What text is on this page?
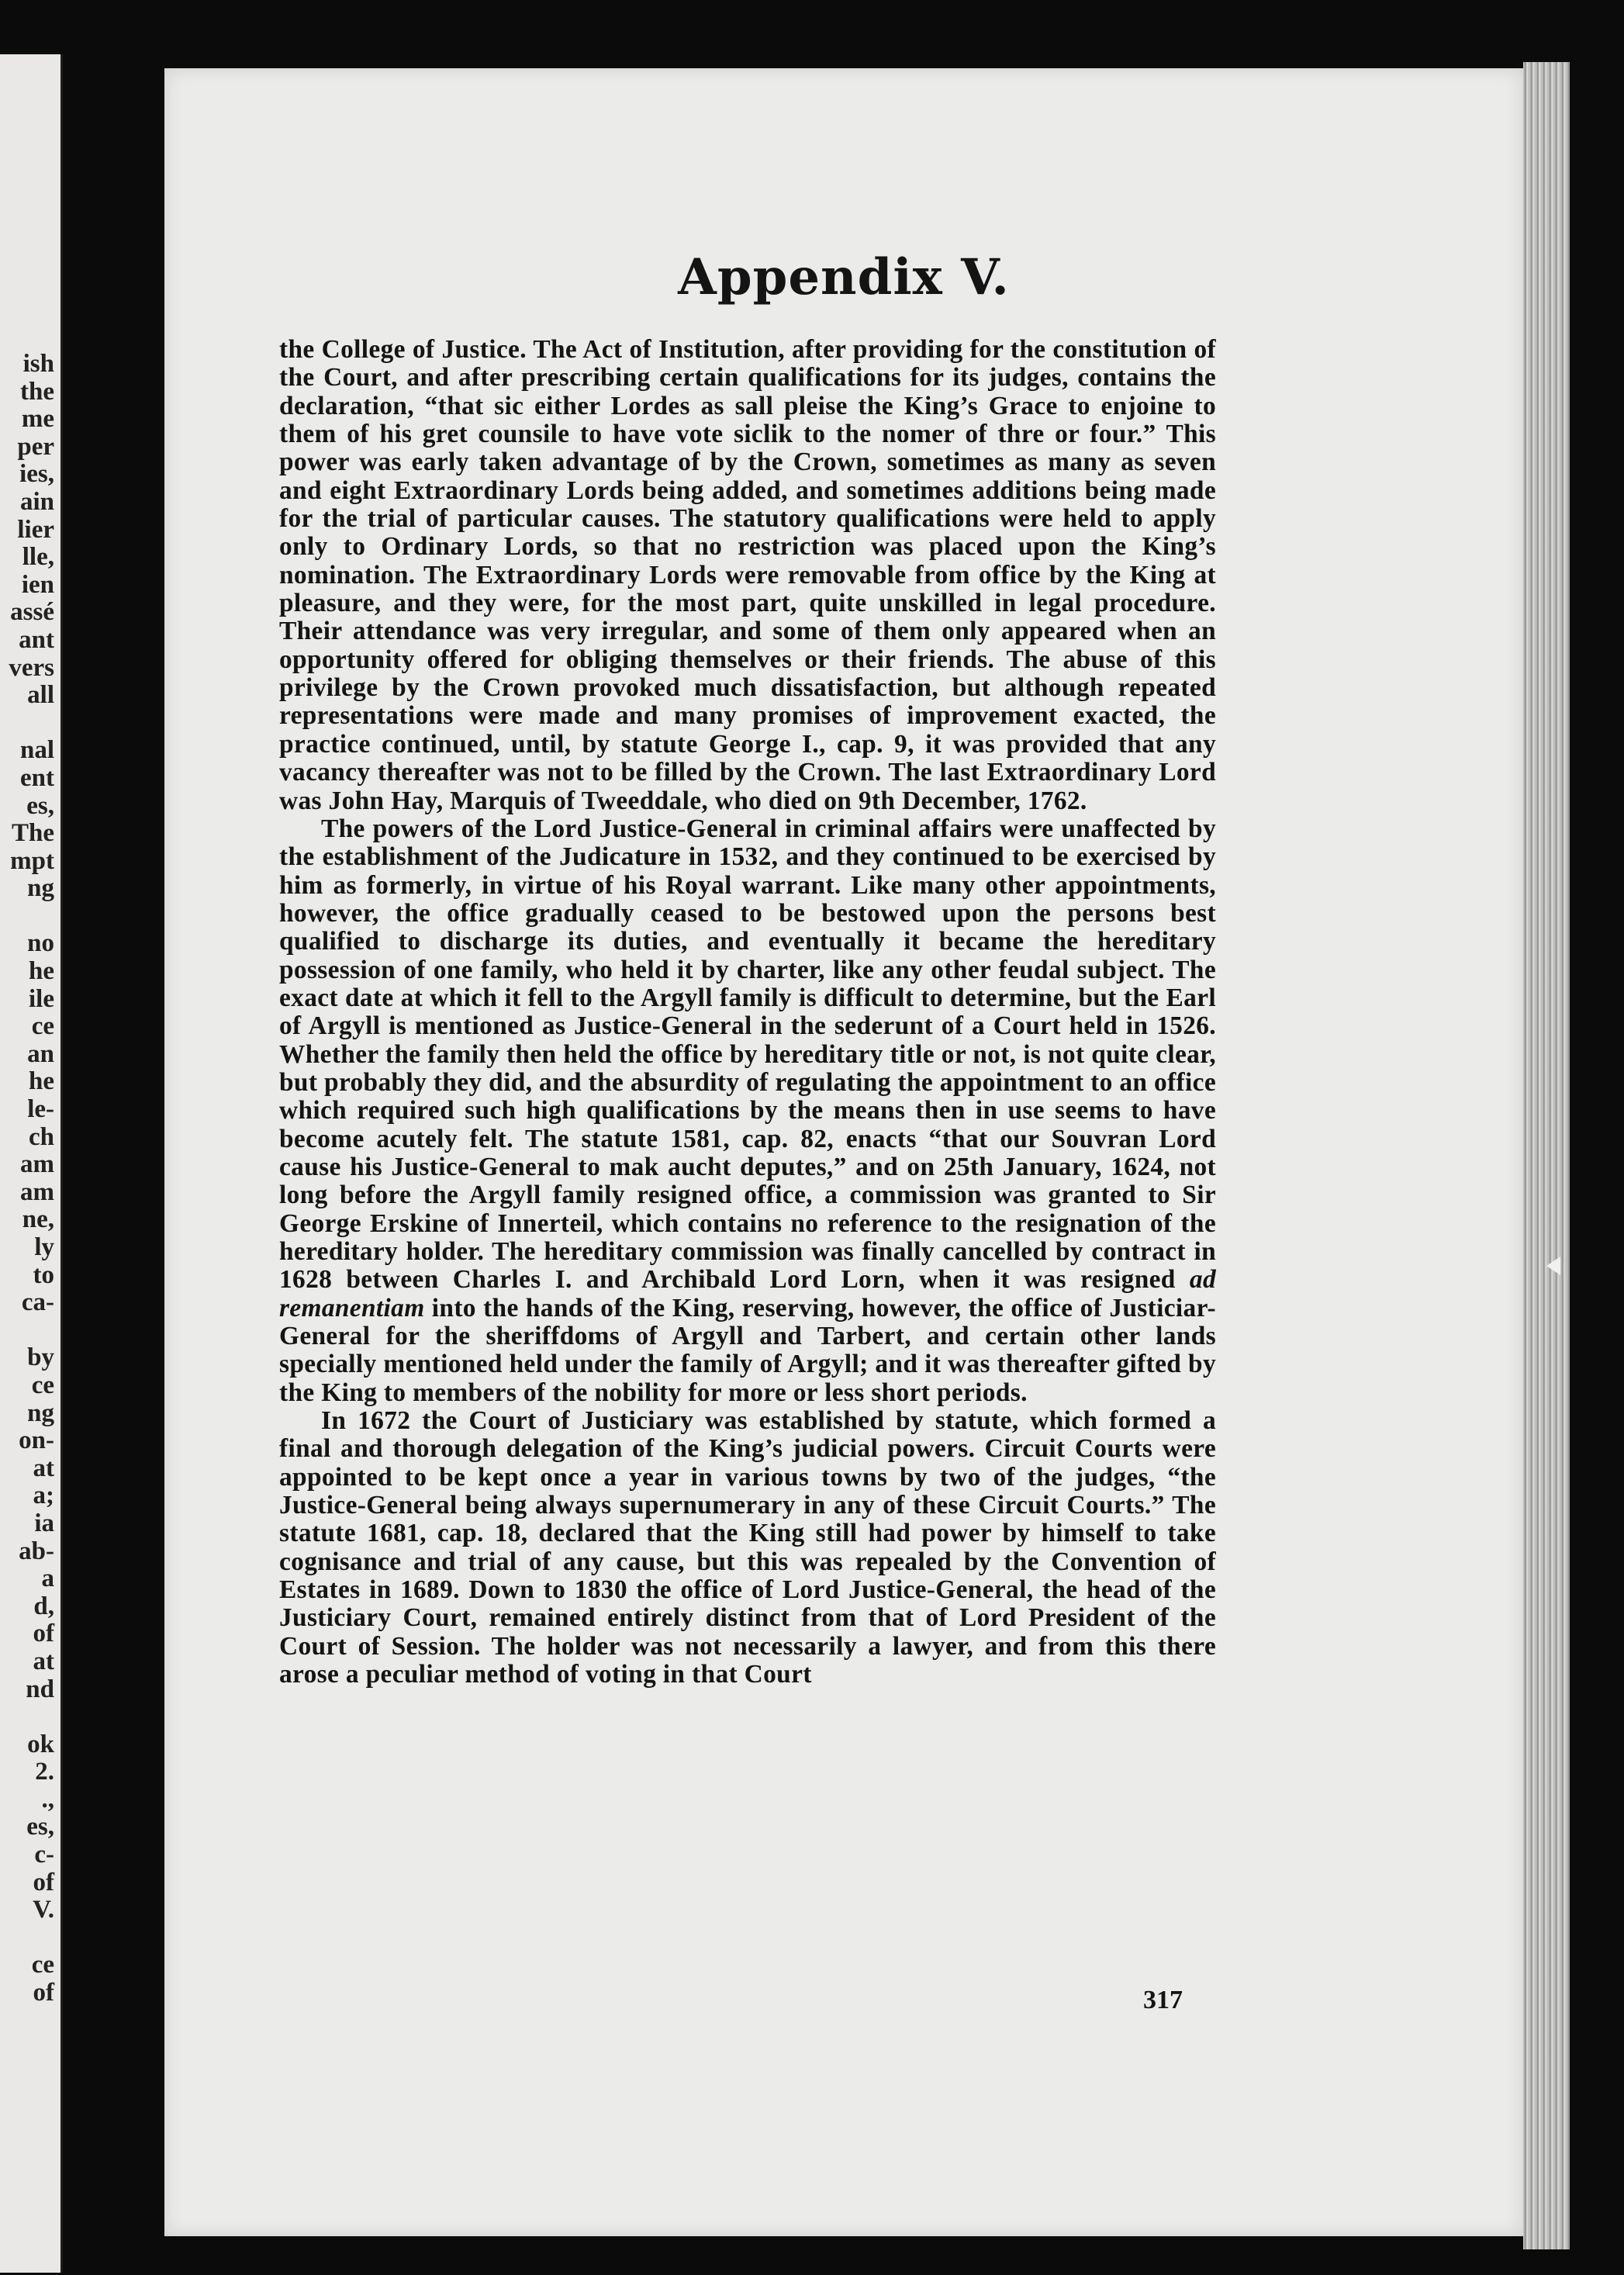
ish
the
me
per
ies,
ain
lier
lle,
ien
assé
ant
vers
all

nal
ent
es,
The
mpt
ng

no
he
ile
ce
an
he
le-
ch
am
am
ne,
ly
to
ca-

by
ce
ng
on-
at
a;
ia
ab-
a
d,
of
at
nd

ok
2.
.,
es,
c-
of
V.

ce
of
Appendix V.

the College of Justice. The Act of Institution, after providing for the constitution of the Court, and after prescribing certain qualifications for its judges, contains the declaration, “that sic either Lordes as sall pleise the King’s Grace to enjoine to them of his gret counsile to have vote siclik to the nomer of thre or four.” This power was early taken advantage of by the Crown, sometimes as many as seven and eight Extraordinary Lords being added, and sometimes additions being made for the trial of particular causes. The statutory qualifications were held to apply only to Ordinary Lords, so that no restriction was placed upon the King’s nomination. The Extraordinary Lords were removable from office by the King at pleasure, and they were, for the most part, quite unskilled in legal procedure. Their attendance was very irregular, and some of them only appeared when an opportunity offered for obliging themselves or their friends. The abuse of this privilege by the Crown provoked much dissatisfaction, but although repeated representations were made and many promises of improvement exacted, the practice continued, until, by statute George I., cap. 9, it was provided that any vacancy thereafter was not to be filled by the Crown. The last Extraordinary Lord was John Hay, Marquis of Tweeddale, who died on 9th December, 1762.

The powers of the Lord Justice-General in criminal affairs were unaffected by the establishment of the Judicature in 1532, and they continued to be exercised by him as formerly, in virtue of his Royal warrant. Like many other appointments, however, the office gradually ceased to be bestowed upon the persons best qualified to discharge its duties, and eventually it became the hereditary possession of one family, who held it by charter, like any other feudal subject. The exact date at which it fell to the Argyll family is difficult to determine, but the Earl of Argyll is mentioned as Justice-General in the sederunt of a Court held in 1526. Whether the family then held the office by hereditary title or not, is not quite clear, but probably they did, and the absurdity of regulating the appointment to an office which required such high qualifications by the means then in use seems to have become acutely felt. The statute 1581, cap. 82, enacts “that our Souvran Lord cause his Justice-General to mak aucht deputes,” and on 25th January, 1624, not long before the Argyll family resigned office, a commission was granted to Sir George Erskine of Innerteil, which contains no reference to the resignation of the hereditary holder. The hereditary commission was finally cancelled by contract in 1628 between Charles I. and Archibald Lord Lorn, when it was resigned ad remanentiam into the hands of the King, reserving, however, the office of Justiciar-General for the sheriffdoms of Argyll and Tarbert, and certain other lands specially mentioned held under the family of Argyll; and it was thereafter gifted by the King to members of the nobility for more or less short periods.

In 1672 the Court of Justiciary was established by statute, which formed a final and thorough delegation of the King’s judicial powers. Circuit Courts were appointed to be kept once a year in various towns by two of the judges, “the Justice-General being always supernumerary in any of these Circuit Courts.” The statute 1681, cap. 18, declared that the King still had power by himself to take cognisance and trial of any cause, but this was repealed by the Convention of Estates in 1689. Down to 1830 the office of Lord Justice-General, the head of the Justiciary Court, remained entirely distinct from that of Lord President of the Court of Session. The holder was not necessarily a lawyer, and from this there arose a peculiar method of voting in that Court

317
